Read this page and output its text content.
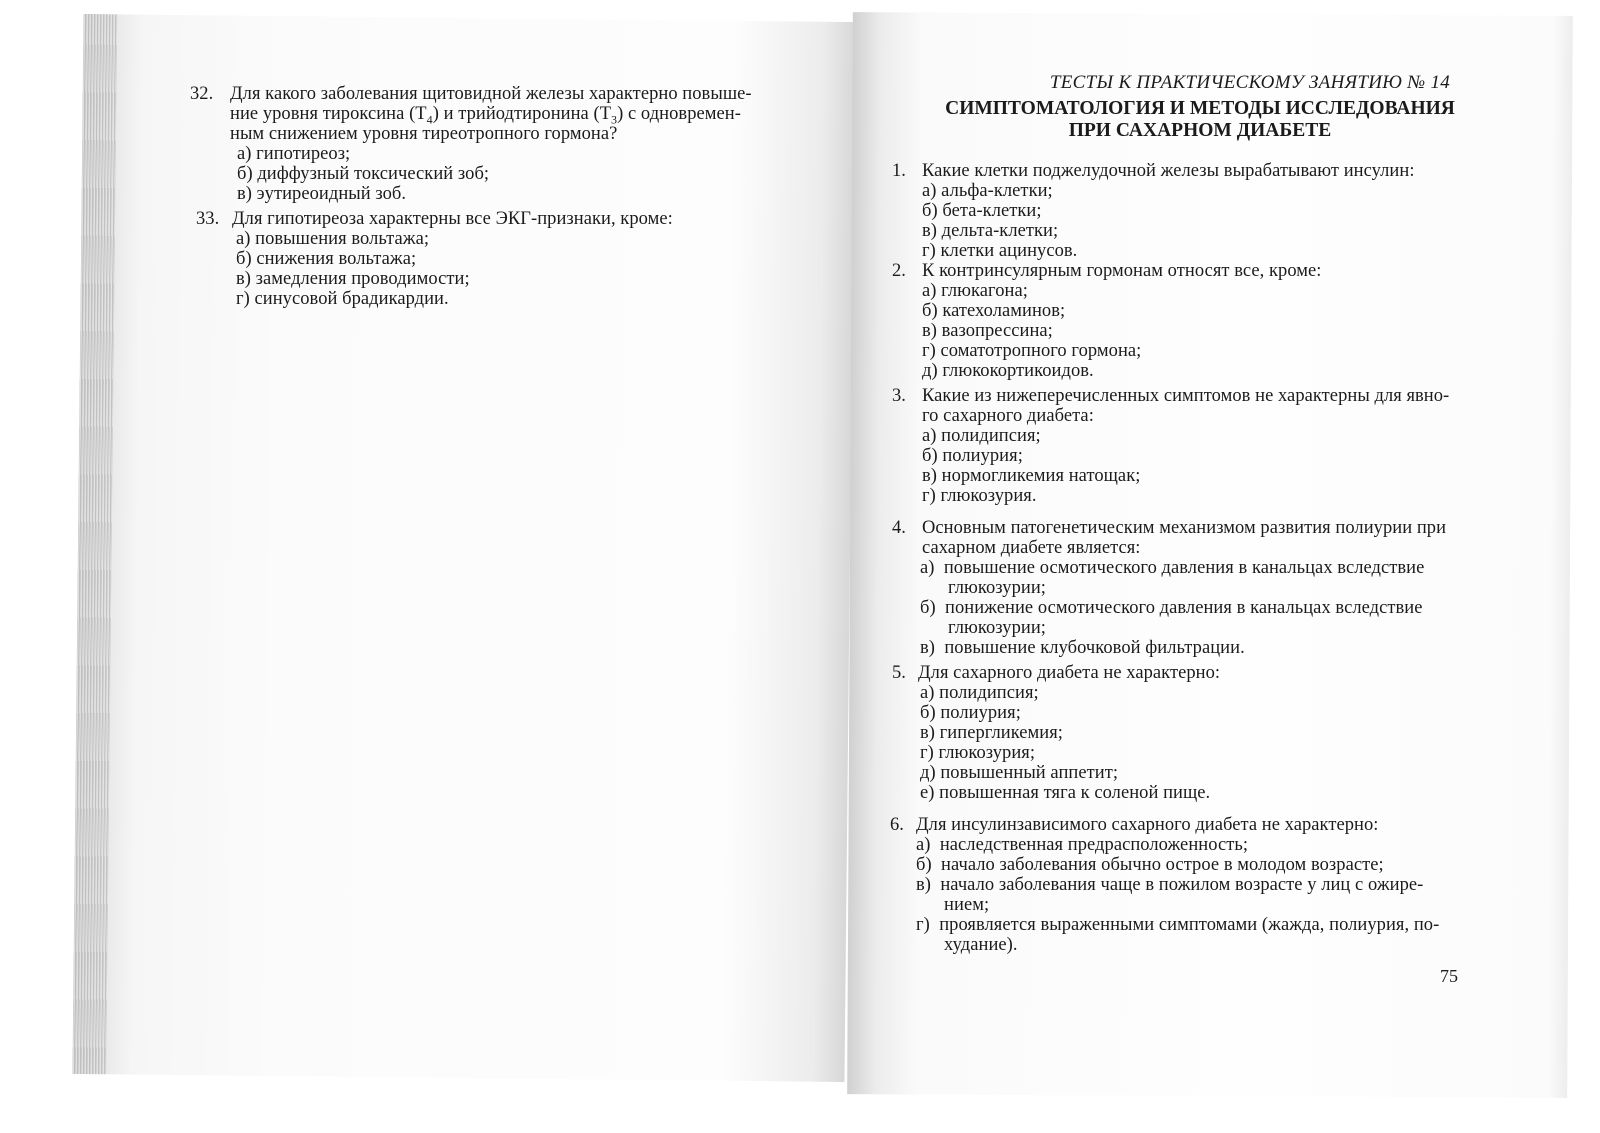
32. Для какого заболевания щитовидной железы характерно повыше-
ние уровня тироксина $(Т_4)$ и трийодтиронина $(Т_3)$ с одновремен-
ным снижением уровня тиреотропного гормона?
а) гипотиреоз;
б) диффузный токсический зоб;
в) эутиреоидный зоб.
33. Для гипотиреоза характерны все ЭКГ-признаки, кроме:
а) повышения вольтажа;
б) снижения вольтажа;
в) замедления проводимости;
г) синусовой брадикардии.
ТЕСТЫ К ПРАКТИЧЕСКОМУ ЗАНЯТИЮ № 14
СИМПТОМАТОЛОГИЯ И МЕТОДЫ ИССЛЕДОВАНИЯ
ПРИ САХАРНОМ ДИАБЕТЕ
1. Какие клетки поджелудочной железы вырабатывают инсулин:
а) альфа-клетки;
б) бета-клетки;
в) дельта-клетки;
г) клетки ацинусов.
2. К контринсулярным гормонам относят все, кроме:
а) глюкагона;
б) катехоламинов;
в) вазопрессина;
г) соматотропного гормона;
д) глюкокортикоидов.
3. Какие из нижеперечисленных симптомов не характерны для явно-
го сахарного диабета:
а) полидипсия;
б) полиурия;
в) нормогликемия натощак;
г) глюкозурия.
4. Основным патогенетическим механизмом развития полиурии при
сахарном диабете является:
а)  повышение осмотического давления в канальцах вследствие
глюкозурии;
б)  понижение осмотического давления в канальцах вследствие
глюкозурии;
в)  повышение клубочковой фильтрации.
5. Для сахарного диабета не характерно:
а) полидипсия;
б) полиурия;
в) гипергликемия;
г) глюкозурия;
д) повышенный аппетит;
е) повышенная тяга к соленой пище.
6. Для инсулинзависимого сахарного диабета не характерно:
а)  наследственная предрасположенность;
б)  начало заболевания обычно острое в молодом возрасте;
в)  начало заболевания чаще в пожилом возрасте у лиц с ожире-
нием;
г)  проявляется выраженными симптомами (жажда, полиурия, по-
худание).
75
